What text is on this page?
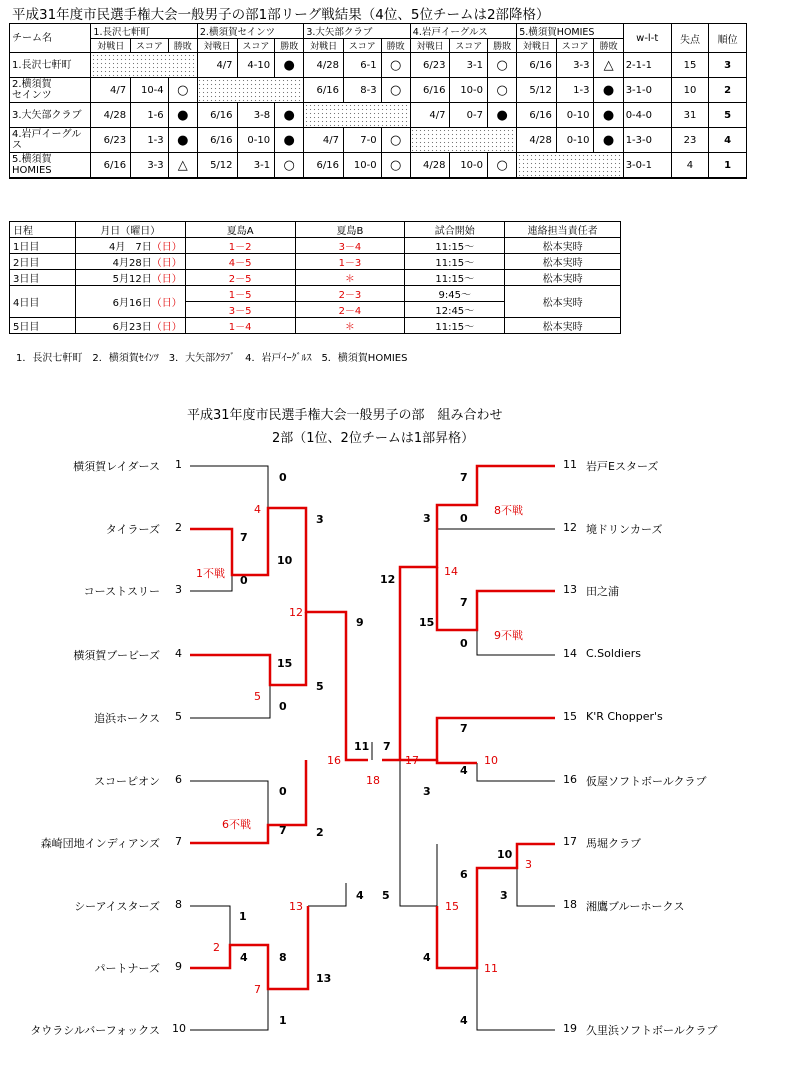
平成31年度市民選手権大会一般男子の部1部リーグ戦結果（4位、5位チームは2部降格）
チーム名	1.長沢七軒町			2.横須賀セインツ			3.大矢部クラブ			4.岩戸イーグルス			5.横須賀HOMIES			w-l-t	失点	順位
	対戦日	スコア	勝敗	対戦日	スコア	勝敗	対戦日	スコア	勝敗	対戦日	スコア	勝敗	対戦日	スコア	勝敗			

1.長沢七軒町				4/7	4-10	●	4/28	6-1	○	6/23	3-1	○	6/16	3-3	△	2-1-1	15	3

2.横須賀
セインツ	4/7	10-4	○				6/16	8-3	○	6/16	10-0	○	5/12	1-3	●	3-1-0	10	2

3.大矢部クラブ	4/28	1-6	●	6/16	3-8	●				4/7	0-7	●	6/16	0-10	●	0-4-0	31	5

4.岩戸イーグル
ス	6/23	1-3	●	6/16	0-10	●	4/7	7-0	○				4/28	0-10	●	1-3-0	23	4

5.横須賀
HOMIES	6/16	3-3	△	5/12	3-1	○	6/16	10-0	○	4/28	10-0	○				3-0-1	4	1
日程	月日（曜日）	夏島A	夏島B	試合開始	連絡担当責任者
1日目	4月　7日（日）	1－2	3－4	11:15～	松本実時
2日目	4月28日（日）	4－5	1－3	11:15～	松本実時
3日目	5月12日（日）	2－5	＊	11:15～	松本実時
4日目	6月16日（日）	1－5	2－3	9:45～	松本実時
		3－5	2－4	12:45～	
5日目	6月23日（日）	1－4	＊	11:15～	松本実時
1．長沢七軒町　2．横須賀ｾｲﾝﾂ　3．大矢部ｸﾗﾌﾞ　4．岩戸ｲｰｸﾞﾙｽ　5．横須賀HOMIES
平成31年度市民選手権大会一般男子の部　組み合わせ
2部（1位、2位チームは1部昇格）
横須賀レイダース 1
タイラーズ 2
コーストスリー 3
横須賀ブービーズ 4
追浜ホークス 5
スコーピオン 6
森崎団地インディアンズ 7
シーアイスターズ 8
パートナーズ 9
タウラシルバーフォックス 10
11 岩戸Eスターズ
12 境ドリンカーズ
13 田之浦
14 C.Soldiers
15 K'R Chopper's
16 仮屋ソフトボールクラブ
17 馬堀クラブ
18 湘鷹ブルーホークス
19 久里浜ソフトボールクラブ
0
4
3
7
10
1不戦
0
12
9
15
5
5
0
11 7
16
18
17
0
6不戦	7	2
4
13
1
2
4	8
13
7
1
7
8不戦
3	0
14
12
7
15
9不戦
0
7
10
4
3
10
3
6
5	3
15
4
11
4
